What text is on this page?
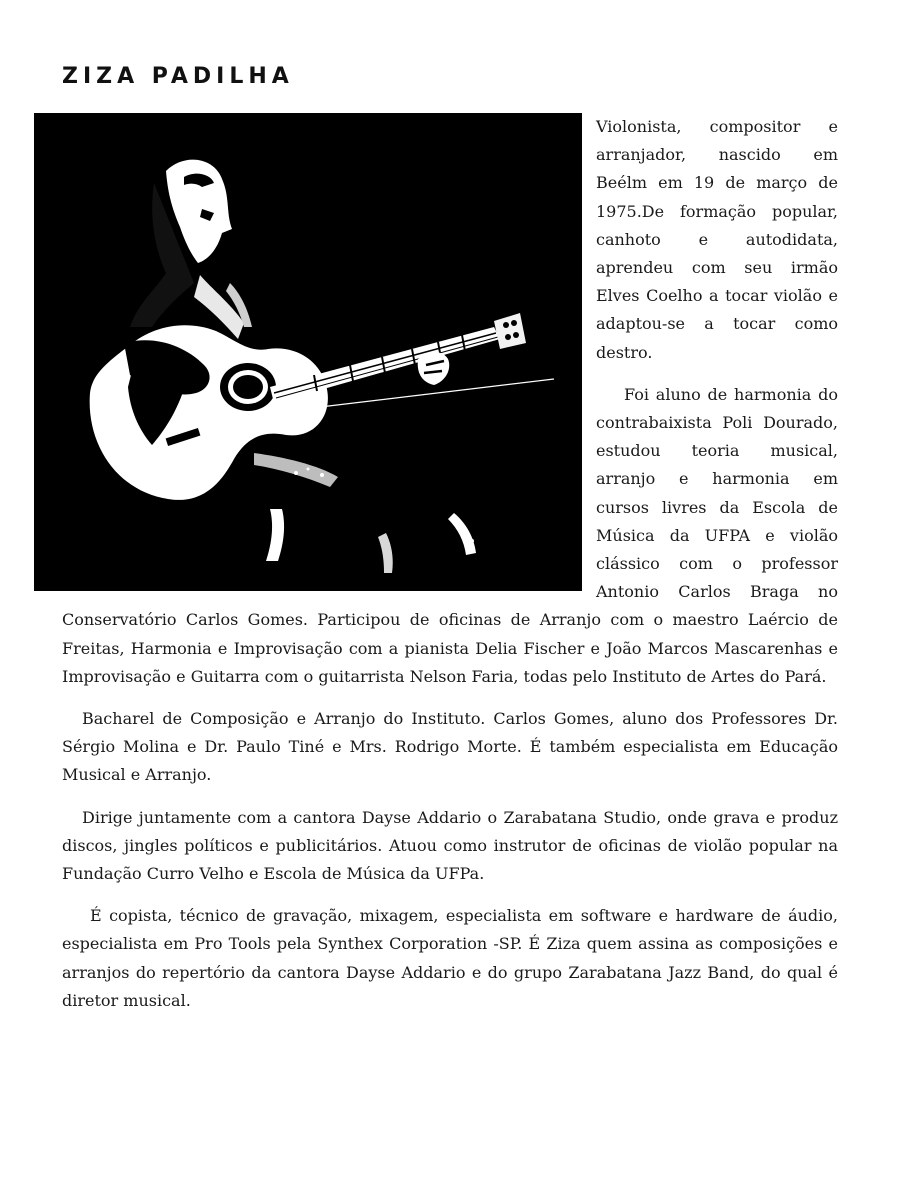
ZIZA PADILHA

Violonista, compositor e arranjador, nascido em Beélm em 19 de março de 1975.De formação popular, canhoto e autodidata, aprendeu com seu irmão Elves Coelho a tocar violão e adaptou-se a tocar como destro.

Foi aluno de harmonia do contrabaixista Poli Dourado, estudou teoria musical, arranjo e harmonia em cursos livres da Escola de Música da UFPA e violão clássico com o professor Antonio Carlos Braga no Conservatório Carlos Gomes. Participou de oficinas de Arranjo com o maestro Laércio de Freitas, Harmonia e Improvisação com a pianista Delia Fischer e João Marcos Mascarenhas e Improvisação e Guitarra com o guitarrista Nelson Faria, todas pelo Instituto de Artes do Pará.

Bacharel de Composição e Arranjo do Instituto. Carlos Gomes, aluno dos Professores Dr. Sérgio Molina e Dr. Paulo Tiné e Mrs. Rodrigo Morte. É também especialista em Educação Musical e Arranjo.

Dirige juntamente com a cantora Dayse Addario o Zarabatana Studio, onde grava e produz discos, jingles políticos e publicitários. Atuou como instrutor de oficinas de violão popular na Fundação Curro Velho e Escola de Música da UFPa.

É copista, técnico de gravação, mixagem, especialista em software e hardware de áudio, especialista em Pro Tools pela Synthex Corporation -SP. É Ziza quem assina as composições e arranjos do repertório da cantora Dayse Addario e do grupo Zarabatana Jazz Band, do qual é diretor musical.
